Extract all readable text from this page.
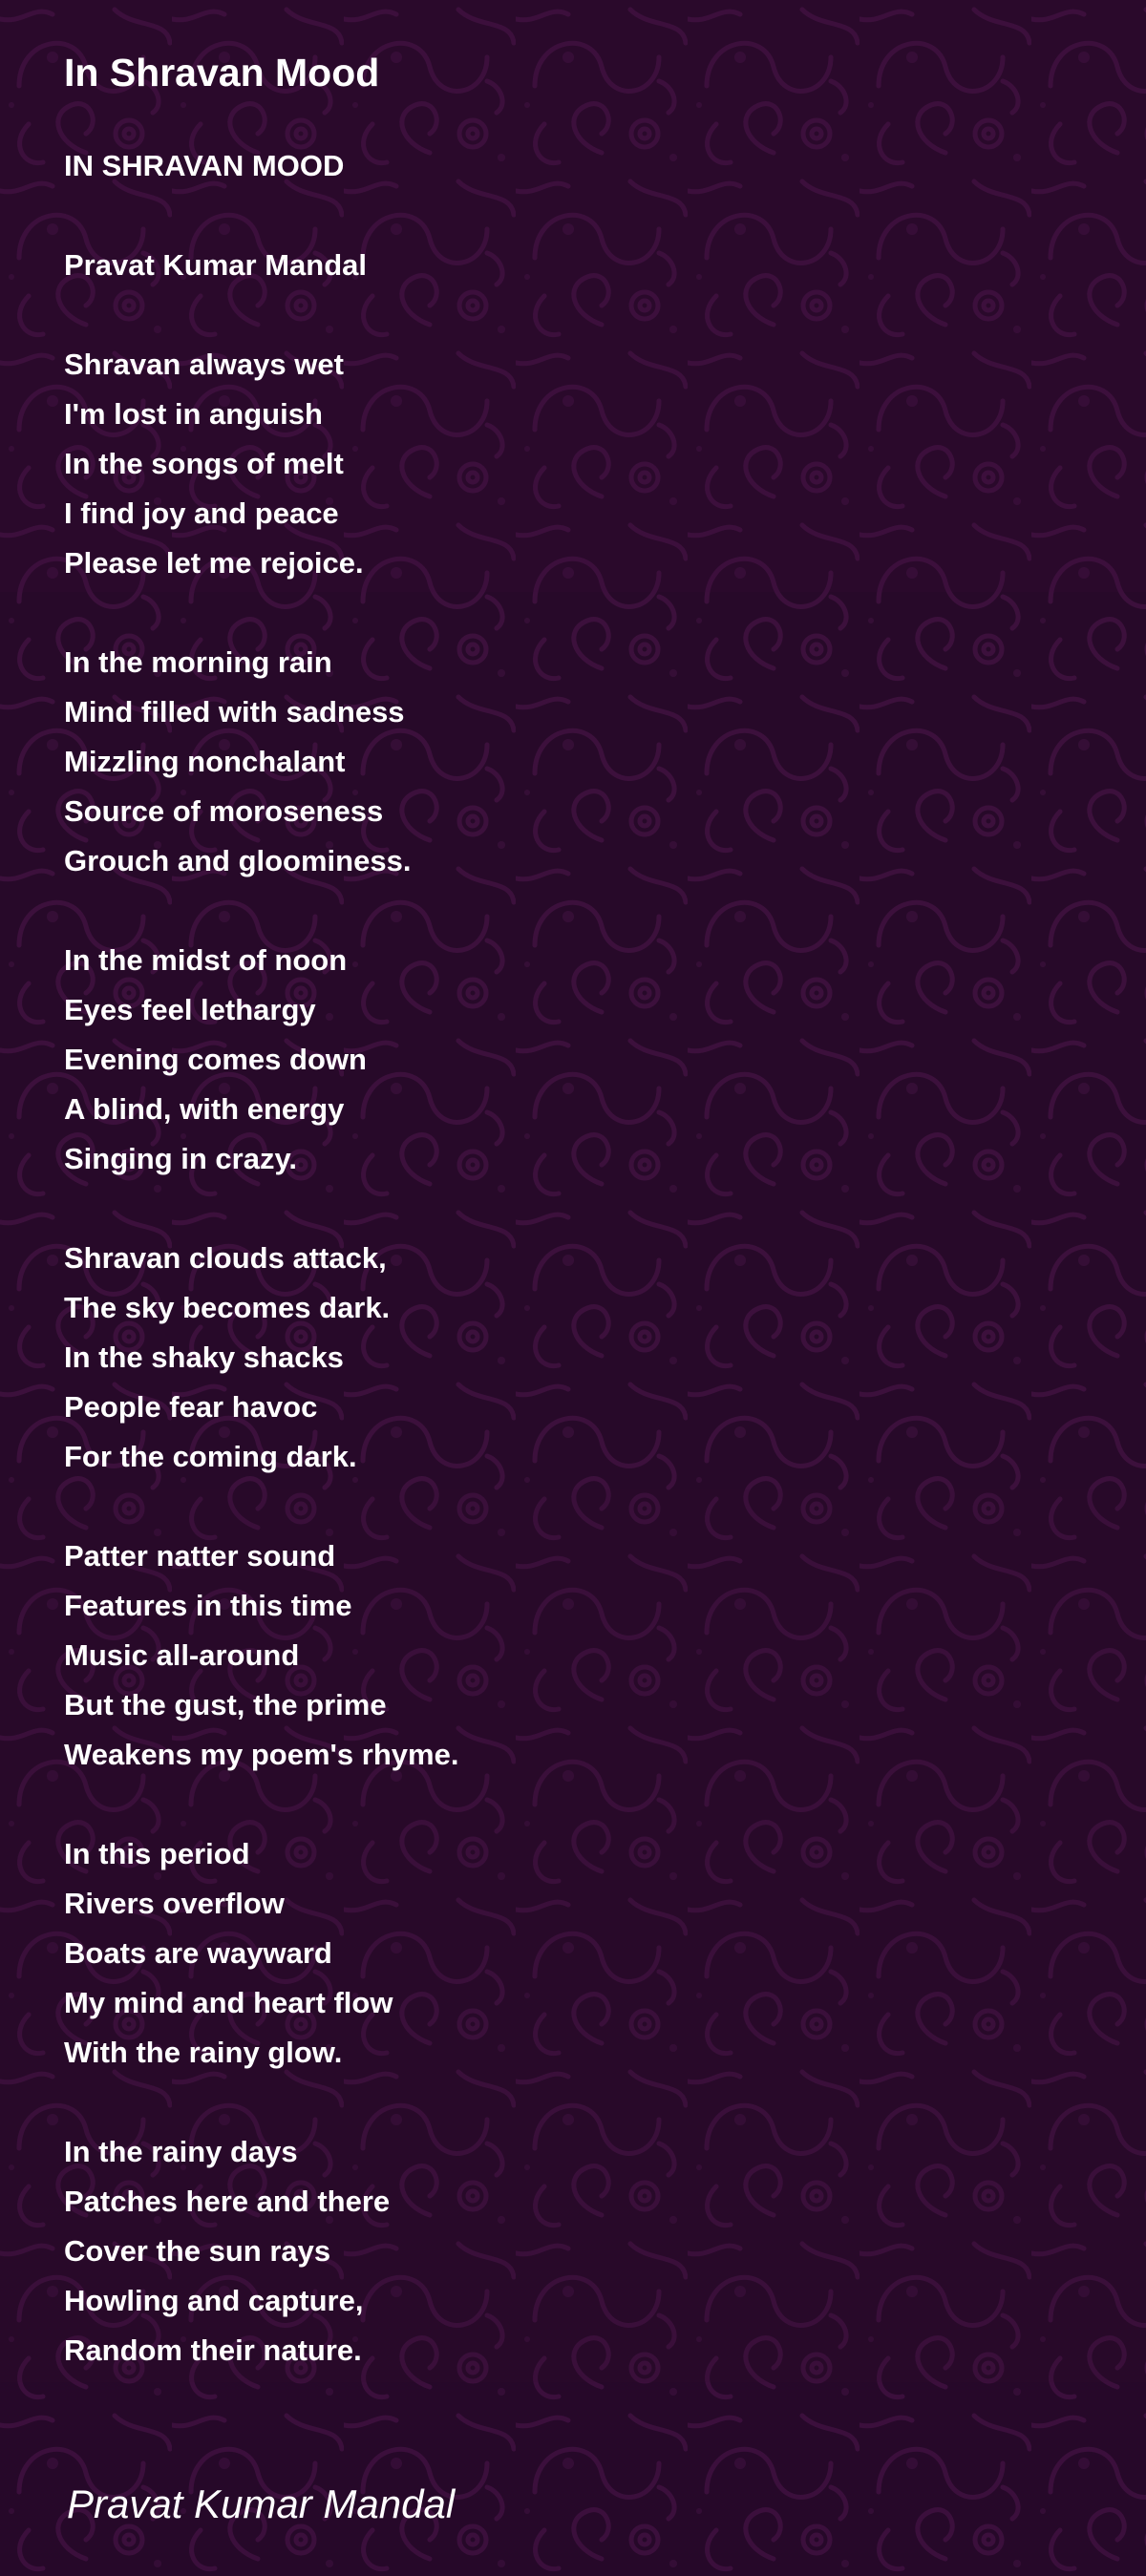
In Shravan Mood
IN SHRAVAN MOOD
Pravat Kumar Mandal
Shravan always wet
I'm lost in anguish
In the songs of melt
I find joy and peace
Please let me rejoice.
In the morning rain
Mind filled with sadness
Mizzling nonchalant
Source of moroseness
Grouch and gloominess.
In the midst of noon
Eyes feel lethargy
Evening comes down
A blind, with energy
Singing in crazy.
Shravan clouds attack,
The sky becomes dark.
In the shaky shacks
People fear havoc
For the coming dark.
Patter natter sound
Features in this time
Music all-around
But the gust, the prime
Weakens my poem's rhyme.
In this period
Rivers overflow
Boats are wayward
My mind and heart flow
With the rainy glow.
In the rainy days
Patches here and there
Cover the sun rays
Howling and capture,
Random their nature.
Pravat Kumar Mandal
